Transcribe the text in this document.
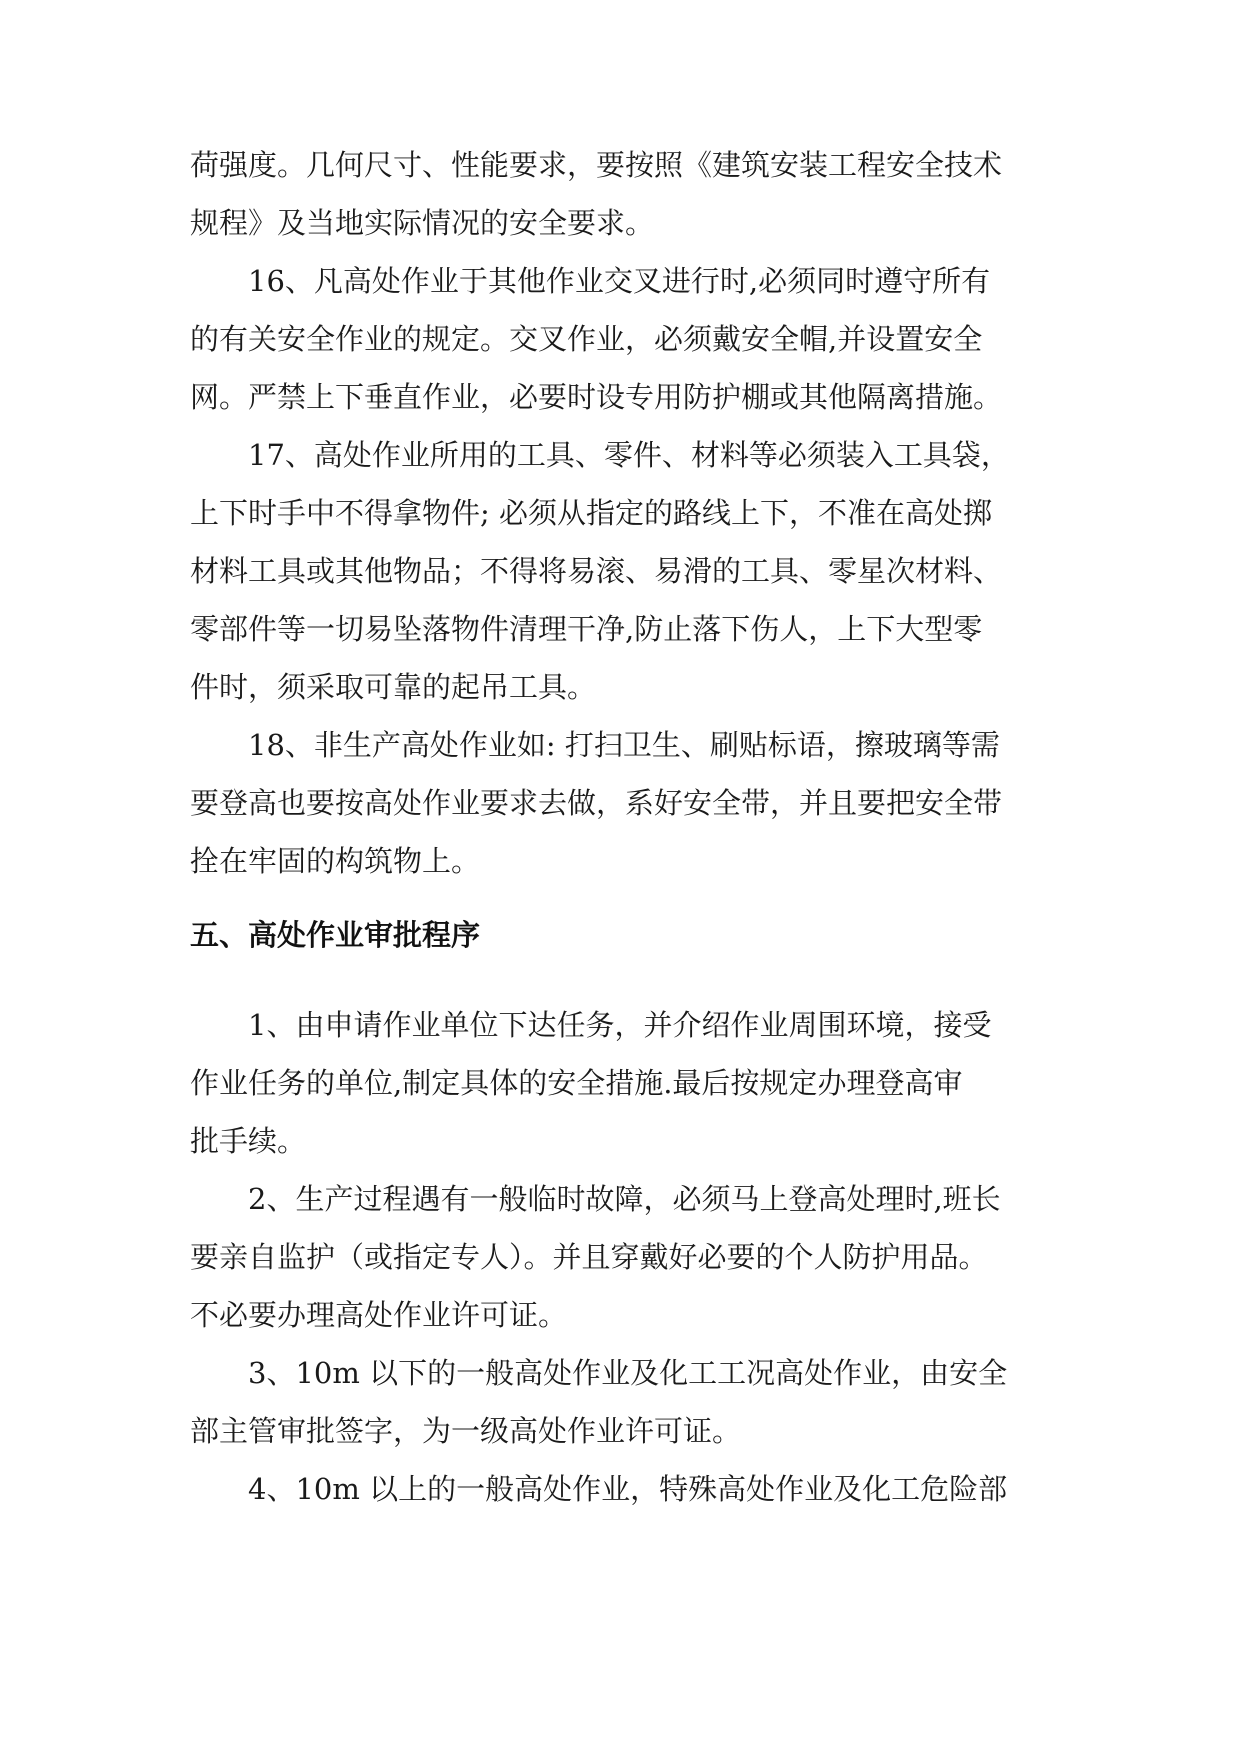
荷强度。几何尺寸、性能要求，要按照《建筑安装工程安全技术
规程》及当地实际情况的安全要求。
　　16、凡高处作业于其他作业交叉进行时,必须同时遵守所有
的有关安全作业的规定。交叉作业，必须戴安全帽,并设置安全
网。严禁上下垂直作业，必要时设专用防护棚或其他隔离措施。
　　17、高处作业所用的工具、零件、材料等必须装入工具袋，
上下时手中不得拿物件; 必须从指定的路线上下，不准在高处掷
材料工具或其他物品；不得将易滚、易滑的工具、零星次材料、
零部件等一切易坠落物件清理干净,防止落下伤人，上下大型零
件时，须采取可靠的起吊工具。
　　18、非生产高处作业如: 打扫卫生、刷贴标语，擦玻璃等需
要登高也要按高处作业要求去做，系好安全带，并且要把安全带
拴在牢固的构筑物上。
五、高处作业审批程序
　　1、由申请作业单位下达任务，并介绍作业周围环境，接受
作业任务的单位,制定具体的安全措施.最后按规定办理登高审
批手续。
　　2、生产过程遇有一般临时故障，必须马上登高处理时,班长
要亲自监护（或指定专人）。并且穿戴好必要的个人防护用品。
不必要办理高处作业许可证。
　　3、10m 以下的一般高处作业及化工工况高处作业，由安全
部主管审批签字，为一级高处作业许可证。
　　4、10m 以上的一般高处作业，特殊高处作业及化工危险部
